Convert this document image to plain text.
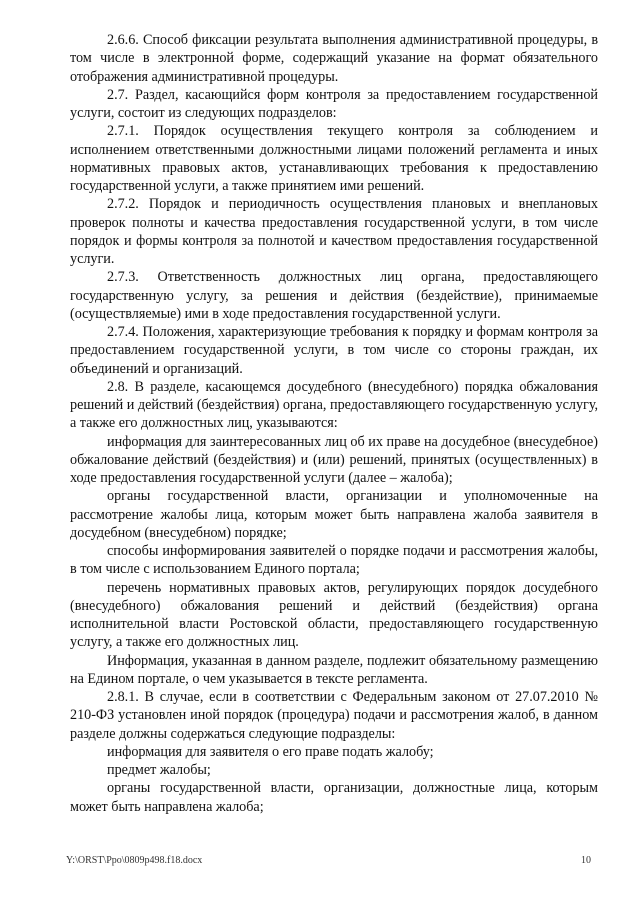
2.6.6. Способ фиксации результата выполнения административной процедуры, в том числе в электронной форме, содержащий указание на формат обязательного отображения административной процедуры.

2.7. Раздел, касающийся форм контроля за предоставлением государственной услуги, состоит из следующих подразделов:

2.7.1. Порядок осуществления текущего контроля за соблюдением и исполнением ответственными должностными лицами положений регламента и иных нормативных правовых актов, устанавливающих требования к предоставлению государственной услуги, а также принятием ими решений.

2.7.2. Порядок и периодичность осуществления плановых и внеплановых проверок полноты и качества предоставления государственной услуги, в том числе порядок и формы контроля за полнотой и качеством предоставления государственной услуги.

2.7.3. Ответственность должностных лиц органа, предоставляющего государственную услугу, за решения и действия (бездействие), принимаемые (осуществляемые) ими в ходе предоставления государственной услуги.

2.7.4. Положения, характеризующие требования к порядку и формам контроля за предоставлением государственной услуги, в том числе со стороны граждан, их объединений и организаций.

2.8. В разделе, касающемся досудебного (внесудебного) порядка обжалования решений и действий (бездействия) органа, предоставляющего государственную услугу, а также его должностных лиц, указываются:

информация для заинтересованных лиц об их праве на досудебное (внесудебное) обжалование действий (бездействия) и (или) решений, принятых (осуществленных) в ходе предоставления государственной услуги (далее – жалоба);

органы государственной власти, организации и уполномоченные на рассмотрение жалобы лица, которым может быть направлена жалоба заявителя в досудебном (внесудебном) порядке;

способы информирования заявителей о порядке подачи и рассмотрения жалобы, в том числе с использованием Единого портала;

перечень нормативных правовых актов, регулирующих порядок досудебного (внесудебного) обжалования решений и действий (бездействия) органа исполнительной власти Ростовской области, предоставляющего государственную услугу, а также его должностных лиц.

Информация, указанная в данном разделе, подлежит обязательному размещению на Едином портале, о чем указывается в тексте регламента.

2.8.1. В случае, если в соответствии с Федеральным законом от 27.07.2010 № 210-ФЗ установлен иной порядок (процедура) подачи и рассмотрения жалоб, в данном разделе должны содержаться следующие подразделы:

информация для заявителя о его праве подать жалобу;

предмет жалобы;

органы государственной власти, организации, должностные лица, которым может быть направлена жалоба;

Y:\ORST\Ppo\0809p498.f18.docx	10
